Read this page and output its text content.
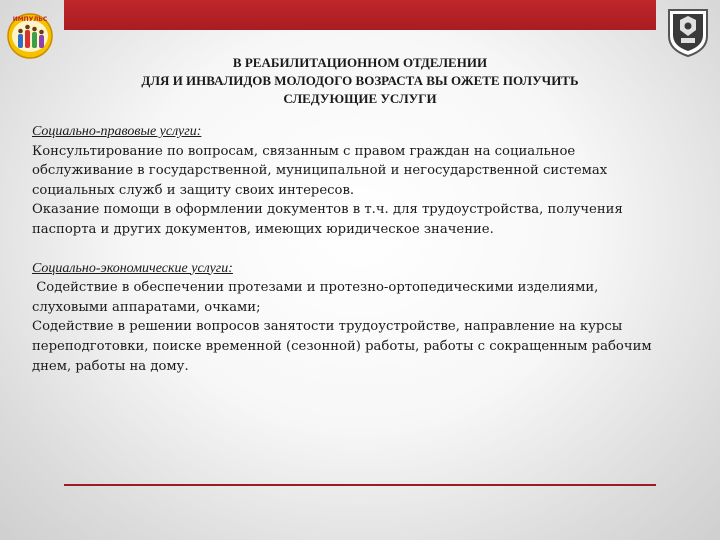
ИМПУЛЬС
В РЕАБИЛИТАЦИОННОМ ОТДЕЛЕНИИ
ДЛЯ И ИНВАЛИДОВ МОЛОДОГО ВОЗРАСТА ВЫ ОЖЕТЕ ПОЛУЧИТЬ
СЛЕДУЮЩИЕ УСЛУГИ
Социально-правовые услуги:
Консультирование по вопросам, связанным с правом граждан на социальное
обслуживание в государственной, муниципальной и негосударственной системах
социальных служб и защиту своих интересов.
Оказание помощи в оформлении документов в т.ч. для трудоустройства, получения
паспорта и других документов, имеющих юридическое значение.
Социально-экономические услуги:
Содействие в обеспечении протезами и протезно-ортопедическими изделиями,
слуховыми аппаратами, очками;
Содействие в решении вопросов занятости трудоустройстве, направление на курсы
переподготовки, поиске временной (сезонной) работы, работы с сокращенным рабочим
днем, работы на дому.
